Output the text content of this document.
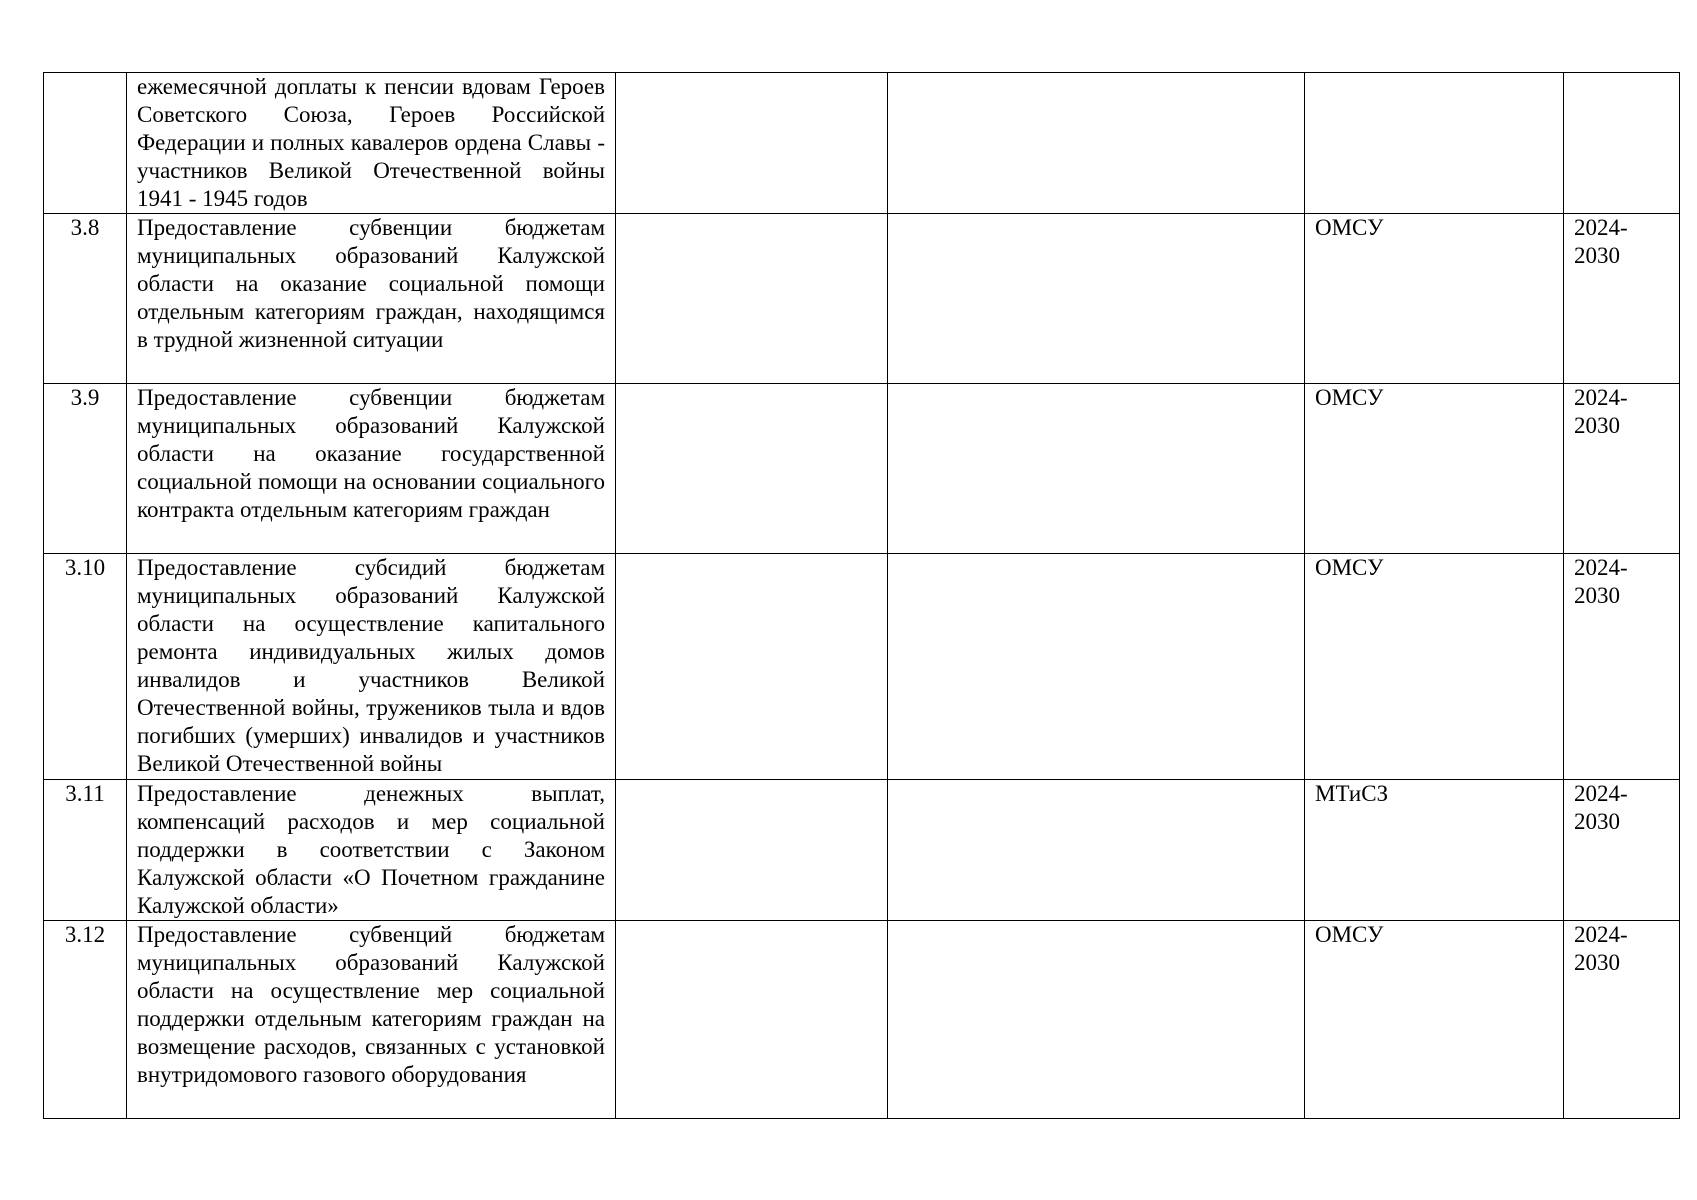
	ежемесячной доплаты к пенсии вдовам Героев Советского Союза, Героев Российской Федерации и полных кавалеров ордена Славы - участников Великой Отечественной войны 1941 - 1945 годов				
3.8	Предоставление субвенции бюджетам муниципальных образований Калужской области на оказание социальной помощи отдельным категориям граждан, находящимся в трудной жизненной ситуации			ОМСУ	2024-2030
3.9	Предоставление субвенции бюджетам муниципальных образований Калужской области на оказание государственной социальной помощи на основании социального контракта отдельным категориям граждан			ОМСУ	2024-2030
3.10	Предоставление субсидий бюджетам муниципальных образований Калужской области на осуществление капитального ремонта индивидуальных жилых домов инвалидов и участников Великой Отечественной войны, тружеников тыла и вдов погибших (умерших) инвалидов и участников Великой Отечественной войны			ОМСУ	2024-2030
3.11	Предоставление денежных выплат, компенсаций расходов и мер социальной поддержки в соответствии с Законом Калужской области «О Почетном гражданине Калужской области»			МТиСЗ	2024-2030
3.12	Предоставление субвенций бюджетам муниципальных образований Калужской области на осуществление мер социальной поддержки отдельным категориям граждан на возмещение расходов, связанных с установкой внутридомового газового оборудования			ОМСУ	2024-2030
